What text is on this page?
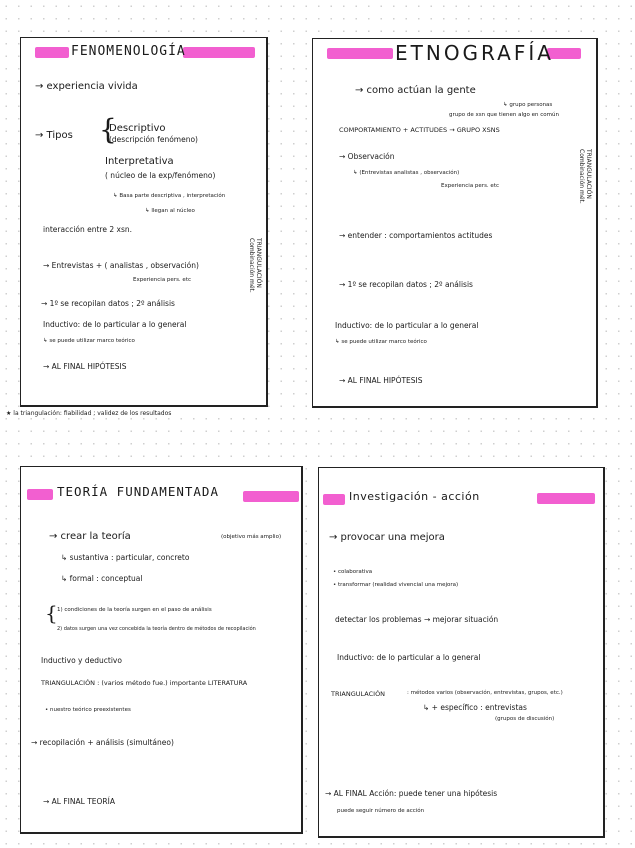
FENOMENOLOGÍA
→ experiencia vivida
→ Tipos {
Descriptivo
(descripción fenómeno)
Interpretativa
( núcleo de la exp/fenómeno)
↳ Basa parte descriptiva , interpretación
↳ llegan al núcleo
interacción entre 2 xsn.
TRIANGULACIÓN Combinación mét.
→ Entrevistas + ( analistas , observación)
Experiencia pers. etc
→ 1º se recopilan datos ; 2º análisis
Inductivo: de lo particular a lo general
↳ se puede utilizar marco teórico
→ AL FINAL HIPÓTESIS
★ la triangulación: fiabilidad ; validez de los resultados
ETNOGRAFÍA
→ como actúan la gente
↳ grupo personas
grupo de xsn que tienen algo en común
COMPORTAMIENTO + ACTITUDES → GRUPO XSNS
→ Observación
↳ (Entrevistas analistas , observación)
Experiencia pers. etc	TRIANGULACIÓN Combinación mét.
→ entender : comportamientos actitudes
→ 1º se recopilan datos ; 2º análisis
Inductivo: de lo particular a lo general
↳ se puede utilizar marco teórico
→ AL FINAL HIPÓTESIS
TEORÍA FUNDAMENTADA
→ crear la teoría	(objetivo más amplio)
↳ sustantiva : particular, concreto
↳ formal : conceptual
{ 1) condiciones de la teoría surgen en el paso de análisis
2) datos surgen una vez concebida la teoría dentro de métodos de recopilación
Inductivo y deductivo
TRIANGULACIÓN : (varios método fue.) importante LITERATURA
• nuestro teórico preexistentes
→ recopilación + análisis (simultáneo)
→ AL FINAL TEORÍA
Investigación - acción
→ provocar una mejora
• colaborativa
• transformar (realidad vivencial una mejora)
detectar los problemas → mejorar situación
Inductivo: de lo particular a lo general
TRIANGULACIÓN	: métodos varios (observación, entrevistas, grupos, etc.)
↳ + específico : entrevistas
(grupos de discusión)
→ AL FINAL Acción: puede tener una hipótesis
puede seguir número de acción
